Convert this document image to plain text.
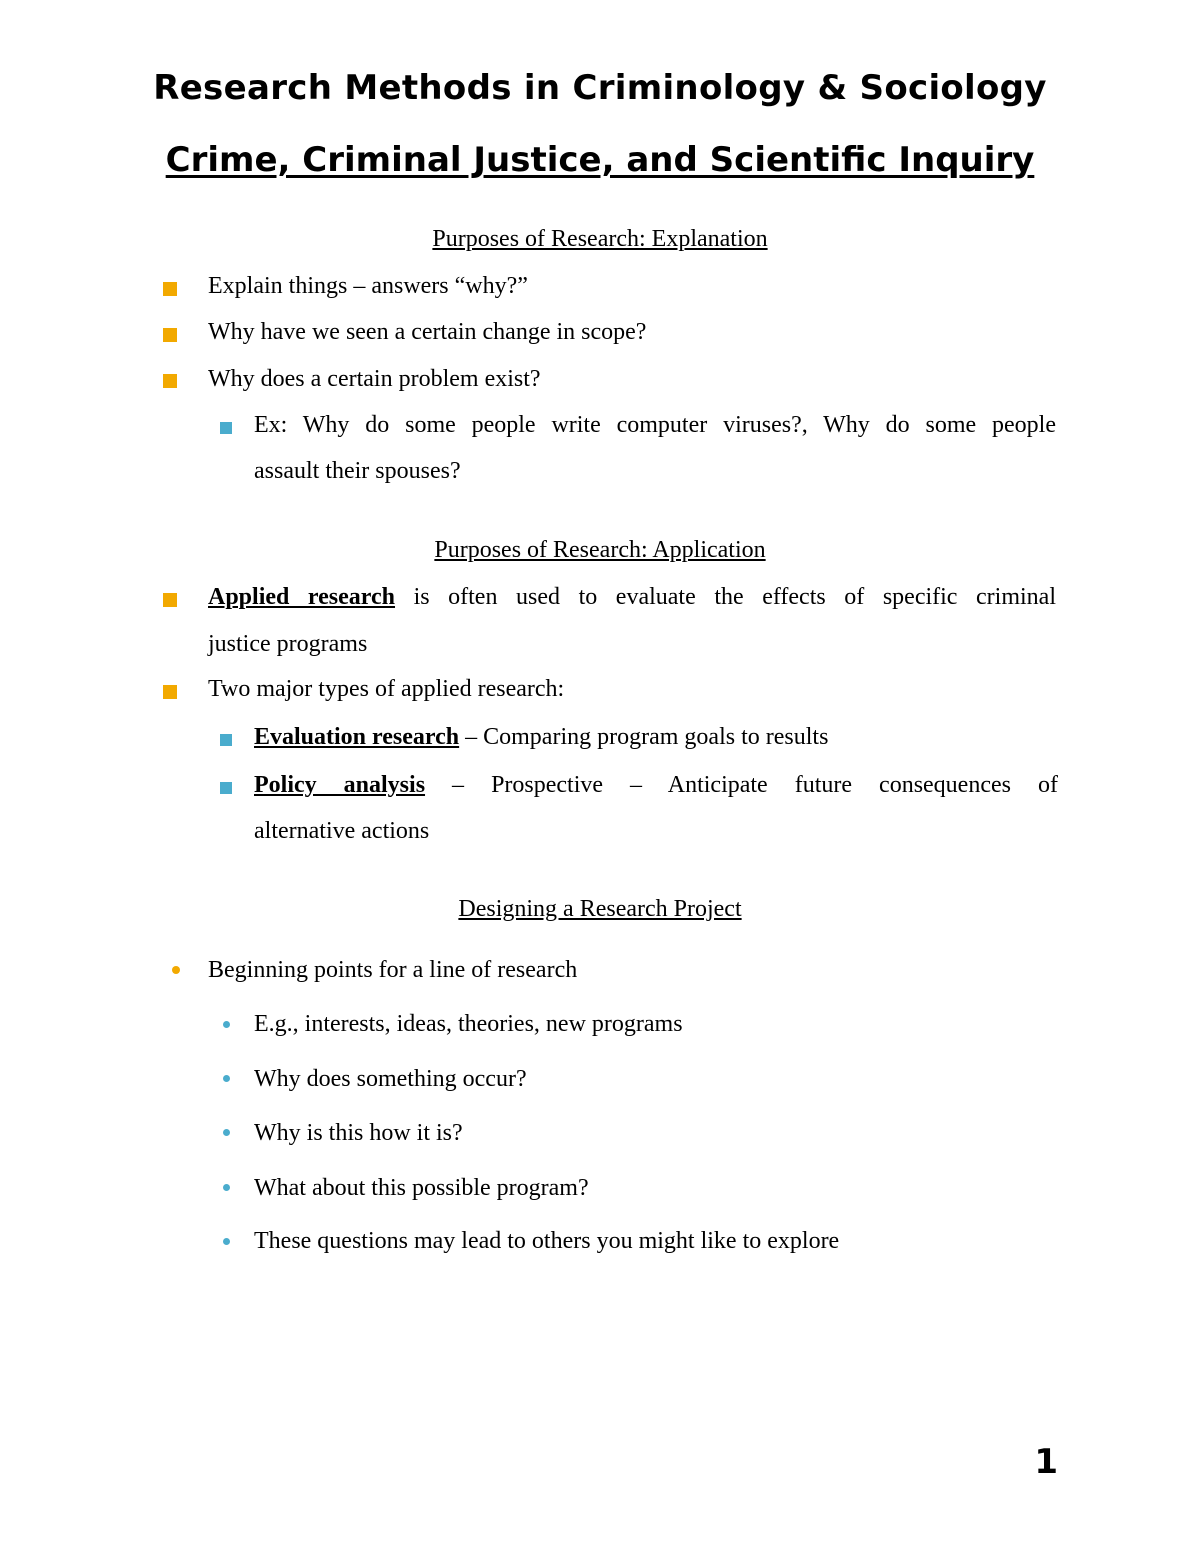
Research Methods in Criminology & Sociology
Crime, Criminal Justice, and Scientific Inquiry
Purposes of Research: Explanation
Explain things – answers “why?”
Why have we seen a certain change in scope?
Why does a certain problem exist?
Ex: Why do some people write computer viruses?, Why do some people
assault their spouses?
Purposes of Research: Application
Applied research is often used to evaluate the effects of specific criminal
justice programs
Two major types of applied research:
Evaluation research – Comparing program goals to results
Policy analysis – Prospective – Anticipate future consequences of
alternative actions
Designing a Research Project
Beginning points for a line of research
E.g., interests, ideas, theories, new programs
Why does something occur?
Why is this how it is?
What about this possible program?
These questions may lead to others you might like to explore
1
